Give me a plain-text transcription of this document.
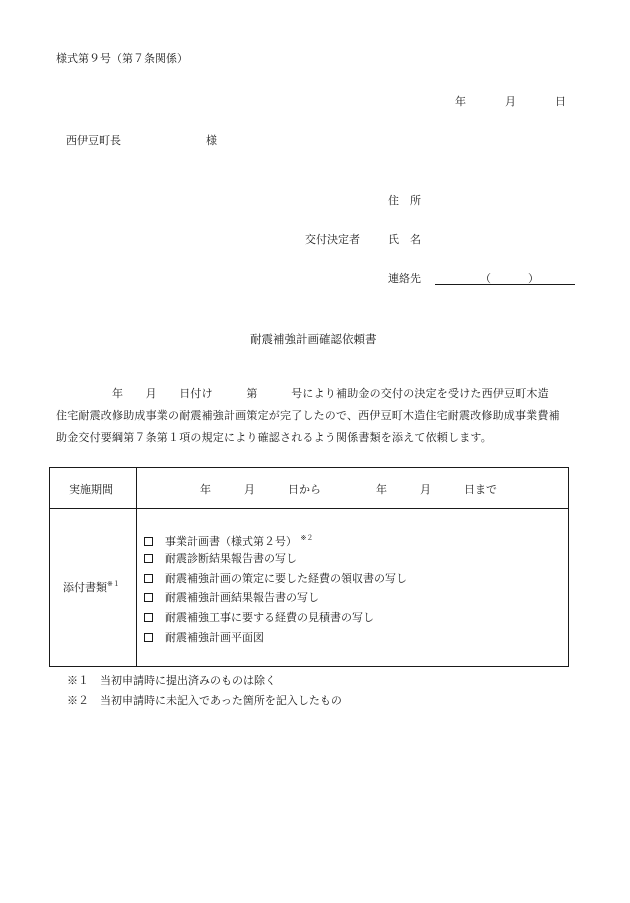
様式第９号（第７条関係）
年	月	日
西伊豆町長	様
住　所
交付決定者	氏　名
連絡先	（	）
耐震補強計画確認依頼書
　　　　　年　　月　　日付け　　　第　　　号により補助金の交付の決定を受けた西伊豆町木造
住宅耐震改修助成事業の耐震補強計画策定が完了したので、西伊豆町木造住宅耐震改修助成事業費補
助金交付要綱第７条第１項の規定により確認されるよう関係書類を添えて依頼します。
実施期間	年　　　月　　　日から　　　　　年　　　月　　　日まで
添付書類$^{※1}$
事業計画書（様式第２号） $^{※2}$
耐震診断結果報告書の写し
耐震補強計画の策定に要した経費の領収書の写し
耐震補強計画結果報告書の写し
耐震補強工事に要する経費の見積書の写し
耐震補強計画平面図
※１　当初申請時に提出済みのものは除く
※２　当初申請時に未記入であった箇所を記入したもの
